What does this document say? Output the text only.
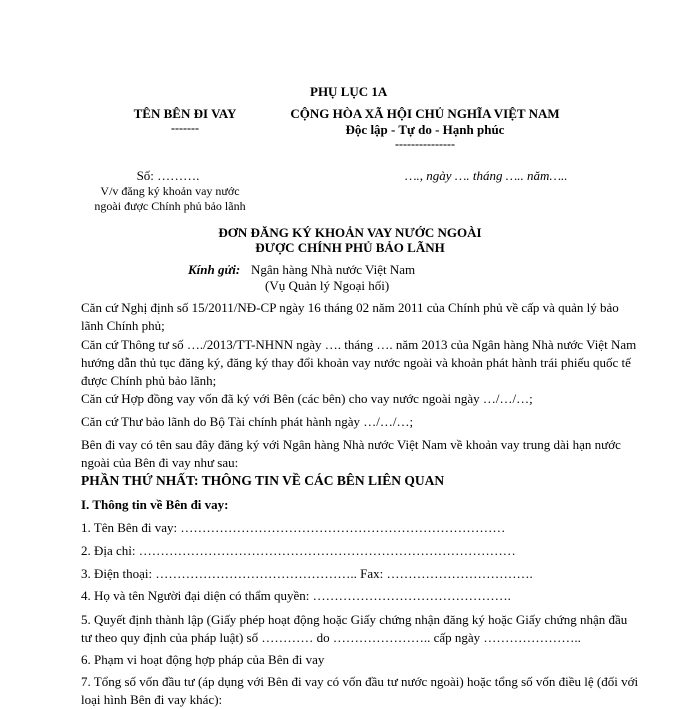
PHỤ LỤC 1A
TÊN BÊN ĐI VAY
-------
CỘNG HÒA XÃ HỘI CHỦ NGHĨA VIỆT NAM
Độc lập - Tự do - Hạnh phúc
---------------
Số: ……….
V/v đăng ký khoản vay nước
ngoài được Chính phủ bảo lãnh
…., ngày …. tháng ….. năm…..
ĐƠN ĐĂNG KÝ KHOẢN VAY NƯỚC NGOÀI
ĐƯỢC CHÍNH PHỦ BẢO LÃNH
Kính gửi: Ngân hàng Nhà nước Việt Nam
(Vụ Quản lý Ngoại hối)
Căn cứ Nghị định số 15/2011/NĐ-CP ngày 16 tháng 02 năm 2011 của Chính phủ về cấp và quản lý bảo lãnh Chính phủ;
Căn cứ Thông tư số …./2013/TT-NHNN ngày …. tháng …. năm 2013 của Ngân hàng Nhà nước Việt Nam hướng dẫn thủ tục đăng ký, đăng ký thay đổi khoản vay nước ngoài và khoản phát hành trái phiếu quốc tế được Chính phủ bảo lãnh;
Căn cứ Hợp đồng vay vốn đã ký với Bên (các bên) cho vay nước ngoài ngày …/…/…;
Căn cứ Thư bảo lãnh do Bộ Tài chính phát hành ngày …/…/…;
Bên đi vay có tên sau đây đăng ký với Ngân hàng Nhà nước Việt Nam về khoản vay trung dài hạn nước ngoài của Bên đi vay như sau:
PHẦN THỨ NHẤT: THÔNG TIN VỀ CÁC BÊN LIÊN QUAN
I. Thông tin về Bên đi vay:
1. Tên Bên đi vay: …………………………………………………………………
2. Địa chỉ: ……………………………………………………………………………
3. Điện thoại: ……………………………………….. Fax: …………………………….
4. Họ và tên Người đại diện có thẩm quyền: ……………………………………….
5. Quyết định thành lập (Giấy phép hoạt động hoặc Giấy chứng nhận đăng ký hoặc Giấy chứng nhận đầu tư theo quy định của pháp luật) số ………… do ………………….. cấp ngày …………………..
6. Phạm vi hoạt động hợp pháp của Bên đi vay
7. Tổng số vốn đầu tư (áp dụng với Bên đi vay có vốn đầu tư nước ngoài) hoặc tổng số vốn điều lệ (đối với loại hình Bên đi vay khác):
